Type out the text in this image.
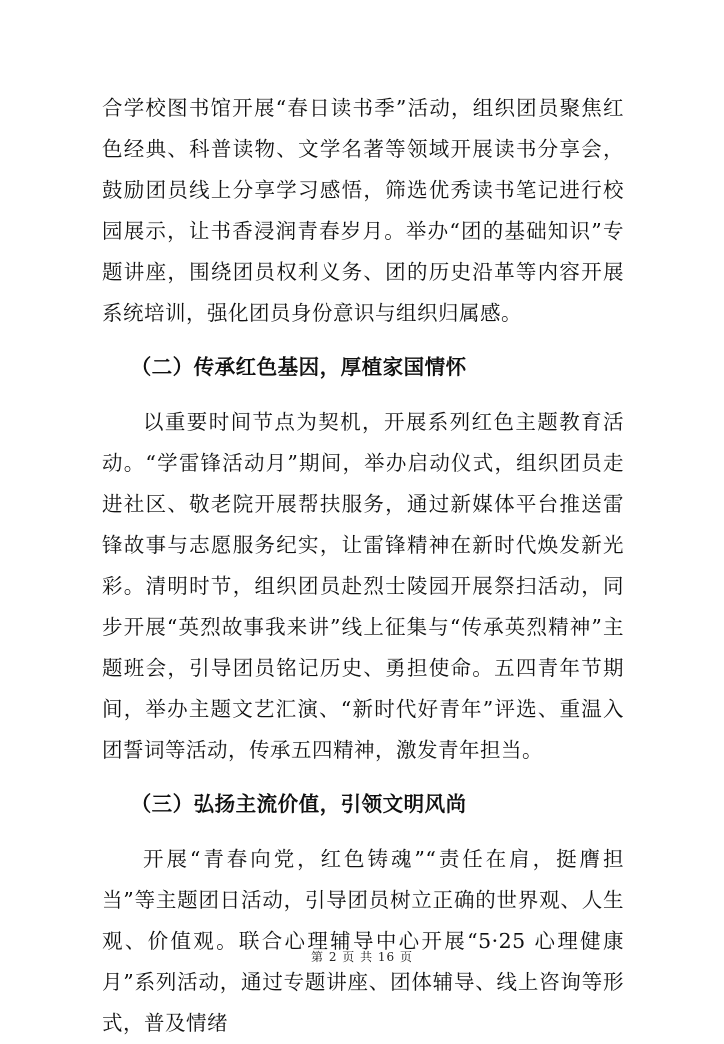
合学校图书馆开展“春日读书季”活动，组织团员聚焦红色经典、科普读物、文学名著等领域开展读书分享会，鼓励团员线上分享学习感悟，筛选优秀读书笔记进行校园展示，让书香浸润青春岁月。举办“团的基础知识”专题讲座，围绕团员权利义务、团的历史沿革等内容开展系统培训，强化团员身份意识与组织归属感。

（二）传承红色基因，厚植家国情怀

以重要时间节点为契机，开展系列红色主题教育活动。“学雷锋活动月”期间，举办启动仪式，组织团员走进社区、敬老院开展帮扶服务，通过新媒体平台推送雷锋故事与志愿服务纪实，让雷锋精神在新时代焕发新光彩。清明时节，组织团员赴烈士陵园开展祭扫活动，同步开展“英烈故事我来讲”线上征集与“传承英烈精神”主题班会，引导团员铭记历史、勇担使命。五四青年节期间，举办主题文艺汇演、“新时代好青年”评选、重温入团誓词等活动，传承五四精神，激发青年担当。

（三）弘扬主流价值，引领文明风尚

开展“青春向党，红色铸魂”“责任在肩，挺膺担当”等主题团日活动，引导团员树立正确的世界观、人生观、价值观。联合心理辅导中心开展“5·25 心理健康月”系列活动，通过专题讲座、团体辅导、线上咨询等形式，普及情绪

第 2 页 共 16 页
